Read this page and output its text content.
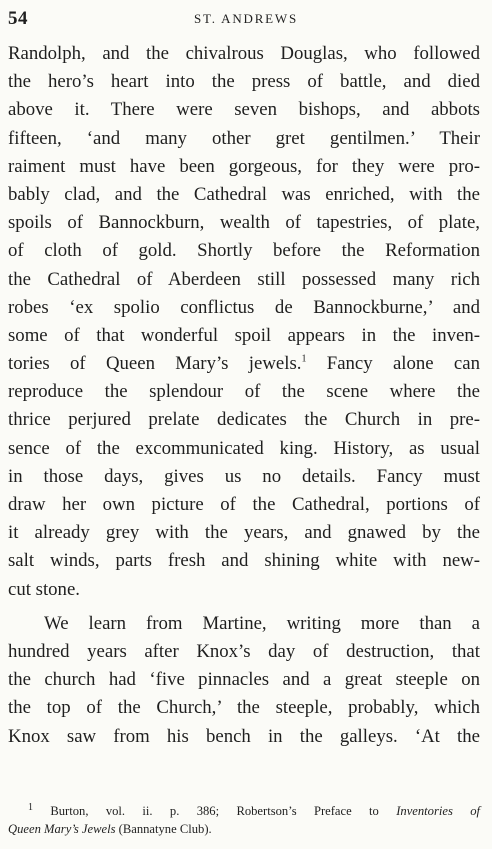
54	ST. ANDREWS
Randolph, and the chivalrous Douglas, who followed
the hero’s heart into the press of battle, and died
above it. There were seven bishops, and abbots
fifteen, ‘and many other gret gentilmen.’ Their
raiment must have been gorgeous, for they were pro-
bably clad, and the Cathedral was enriched, with the
spoils of Bannockburn, wealth of tapestries, of plate,
of cloth of gold. Shortly before the Reformation
the Cathedral of Aberdeen still possessed many rich
robes ‘ex spolio conflictus de Bannockburne,’ and
some of that wonderful spoil appears in the inven-
tories of Queen Mary’s jewels.$^1$ Fancy alone can
reproduce the splendour of the scene where the
thrice perjured prelate dedicates the Church in pre-
sence of the excommunicated king. History, as usual
in those days, gives us no details. Fancy must
draw her own picture of the Cathedral, portions of
it already grey with the years, and gnawed by the
salt winds, parts fresh and shining white with new-
cut stone.
We learn from Martine, writing more than a
hundred years after Knox’s day of destruction, that
the church had ‘five pinnacles and a great steeple on
the top of the Church,’ the steeple, probably, which
Knox saw from his bench in the galleys. ‘At the
$^1$ Burton, vol. ii. p. 386; Robertson’s Preface to Inventories of
Queen Mary’s Jewels (Bannatyne Club).
